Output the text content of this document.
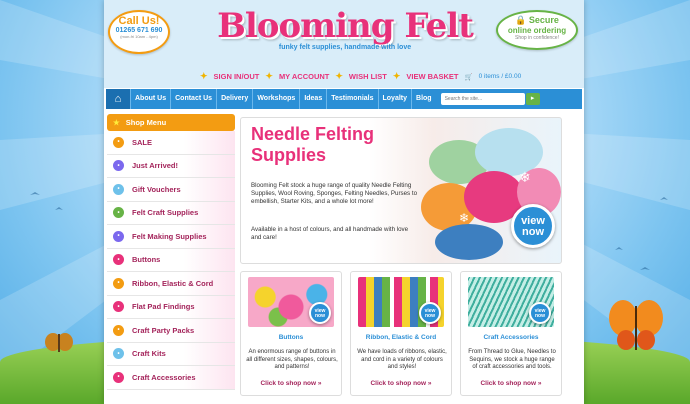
Call Us!
01265 671 690
(mon-fri 10am - 4pm)	Blooming Felt
funky felt supplies, handmade with love
🔒 Secure
online ordering
Shop in confidence!
✦ SIGN IN/OUT ✦ MY ACCOUNT ✦ WISH LIST ✦ VIEW BASKET 🛒 0 items / £0.00
⌂	About Us	Contact Us	Delivery	Workshops	Ideas	Testimonials	Loyalty	Blog	Search the site...	▸
★ Shop Menu
•	SALE
•	Just Arrived!
•	Gift Vouchers
•	Felt Craft Supplies
•	Felt Making Supplies
•	Buttons
•	Ribbon, Elastic & Cord
•	Flat Pad Findings
•	Craft Party Packs
•	Craft Kits
•	Craft Accessories
❄
❄
Needle Felting Supplies
Blooming Felt stock a huge range of quality Needle Felting Supplies, Wool Roving, Sponges, Felting Needles, Purses to embellish, Starter Kits, and a whole lot more!
Available in a host of colours, and all handmade with love and care!
view now
view now
Buttons
An enormous range of buttons in all different sizes, shapes, colours, and patterns!
Click to shop now »
view now
Ribbon, Elastic & Cord
We have loads of ribbons, elastic, and cord in a variety of colours and styles!
Click to shop now »
view now
Craft Accessories
From Thread to Glue, Needles to Sequins, we stock a huge range of craft accessories and tools.
Click to shop now »
